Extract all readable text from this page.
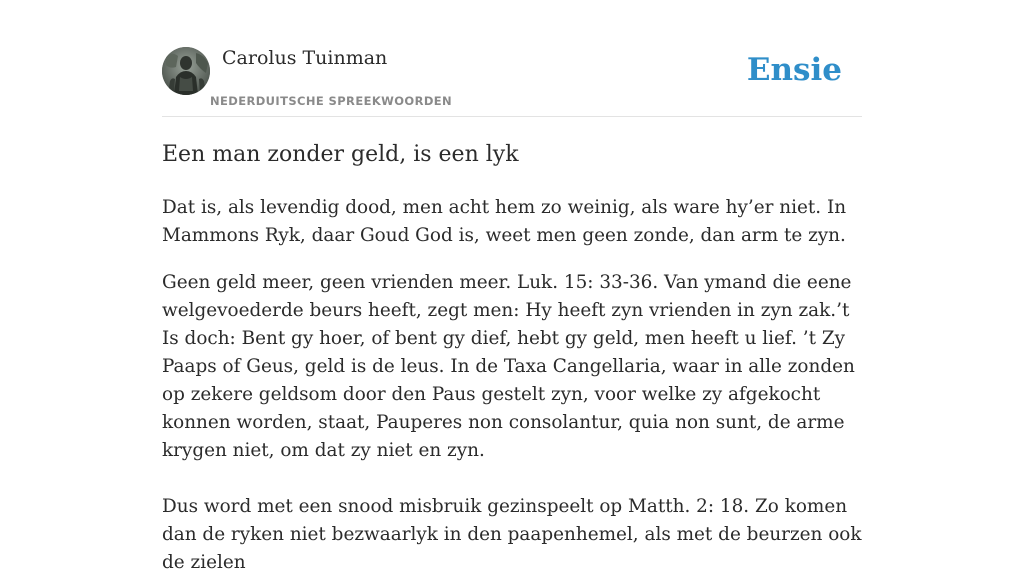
Carolus Tuinman
NEDERDUITSCHE SPREEKWOORDEN
Ensie
Een man zonder geld, is een lyk

Dat is, als levendig dood, men acht hem zo weinig, als ware hy’er niet. In Mammons Ryk, daar Goud God is, weet men geen zonde, dan arm te zyn.

Geen geld meer, geen vrienden meer. Luk. 15: 33-36. Van ymand die eene welgevoederde beurs heeft, zegt men: Hy heeft zyn vrienden in zyn zak.’t Is doch: Bent gy hoer, of bent gy dief, hebt gy geld, men heeft u lief. ’t Zy Paaps of Geus, geld is de leus. In de Taxa Cangellaria, waar in alle zonden op zekere geldsom door den Paus gestelt zyn, voor welke zy afgekocht konnen worden, staat, Pauperes non consolantur, quia non sunt, de arme krygen niet, om dat zy niet en zyn.

Dus word met een snood misbruik gezinspeelt op Matth. 2: 18. Zo komen dan de ryken niet bezwaarlyk in den paapenhemel, als met de beurzen ook de zielen
